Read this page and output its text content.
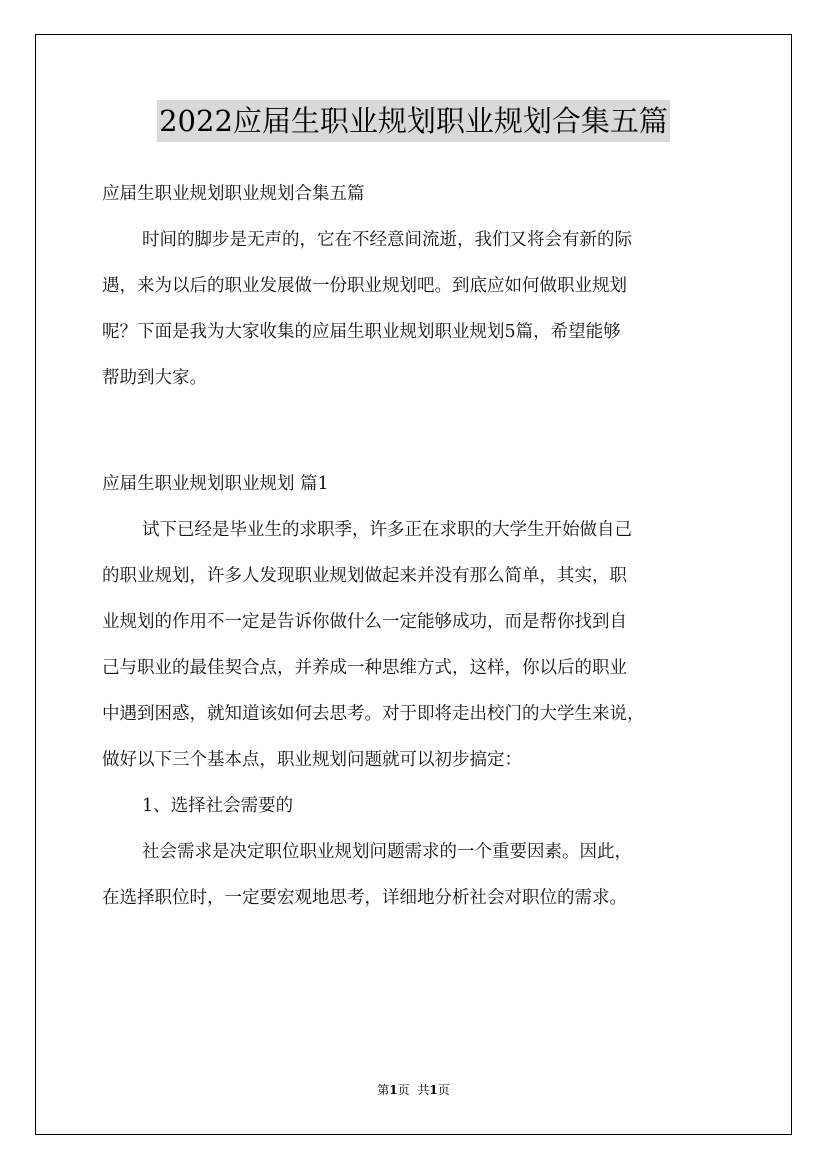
2022应届生职业规划职业规划合集五篇
应届生职业规划职业规划合集五篇
时间的脚步是无声的，它在不经意间流逝，我们又将会有新的际
遇，来为以后的职业发展做一份职业规划吧。到底应如何做职业规划
呢？下面是我为大家收集的应届生职业规划职业规划5篇，希望能够
帮助到大家。
应届生职业规划职业规划 篇1
试下已经是毕业生的求职季，许多正在求职的大学生开始做自己
的职业规划，许多人发现职业规划做起来并没有那么简单，其实，职
业规划的作用不一定是告诉你做什么一定能够成功，而是帮你找到自
己与职业的最佳契合点，并养成一种思维方式，这样，你以后的职业
中遇到困惑，就知道该如何去思考。对于即将走出校门的大学生来说，
做好以下三个基本点，职业规划问题就可以初步搞定：
1、选择社会需要的
社会需求是决定职位职业规划问题需求的一个重要因素。因此，
在选择职位时，一定要宏观地思考，详细地分析社会对职位的需求。
第1页 共1页
